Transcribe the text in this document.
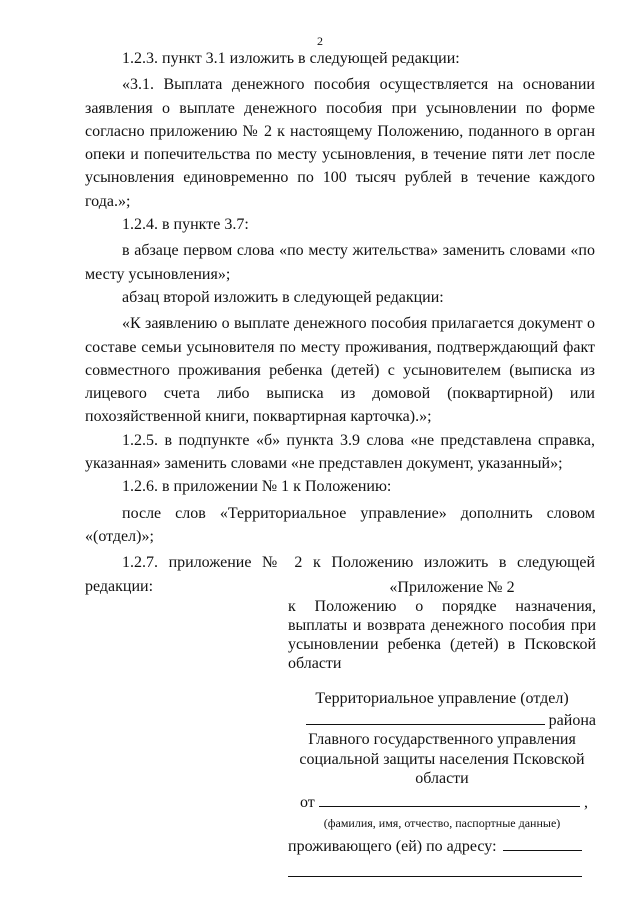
2

1.2.3. пункт 3.1 изложить в следующей редакции:

«3.1. Выплата денежного пособия осуществляется на основании заявления о выплате денежного пособия при усыновлении по форме согласно приложению № 2 к настоящему Положению, поданного в орган опеки и попечительства по месту усыновления, в течение пяти лет после усыновления единовременно по 100 тысяч рублей в течение каждого года.»;

1.2.4. в пункте 3.7:

в абзаце первом слова «по месту жительства» заменить словами «по месту усыновления»;

абзац второй изложить в следующей редакции:

«К заявлению о выплате денежного пособия прилагается документ о составе семьи усыновителя по месту проживания, подтверждающий факт совместного проживания ребенка (детей) с усыновителем (выписка из лицевого счета либо выписка из домовой (поквартирной) или похозяйственной книги, поквартирная карточка).»;

1.2.5. в подпункте «б» пункта 3.9 слова «не представлена справка, указанная» заменить словами «не представлен документ, указанный»;

1.2.6. в приложении № 1 к Положению:

после слов «Территориальное управление» дополнить словом «(отдел)»;

1.2.7. приложение № 2 к Положению изложить в следующей редакции:	«Приложение № 2

к Положению о порядке назначения, выплаты и возврата денежного пособия при усыновлении ребенка (детей) в Псковской области

Территориальное управление (отдел)
района
Главного государственного управления
социальной защиты населения Псковской
области
от	,
(фамилия, имя, отчество, паспортные данные)
проживающего (ей) по адресу:
